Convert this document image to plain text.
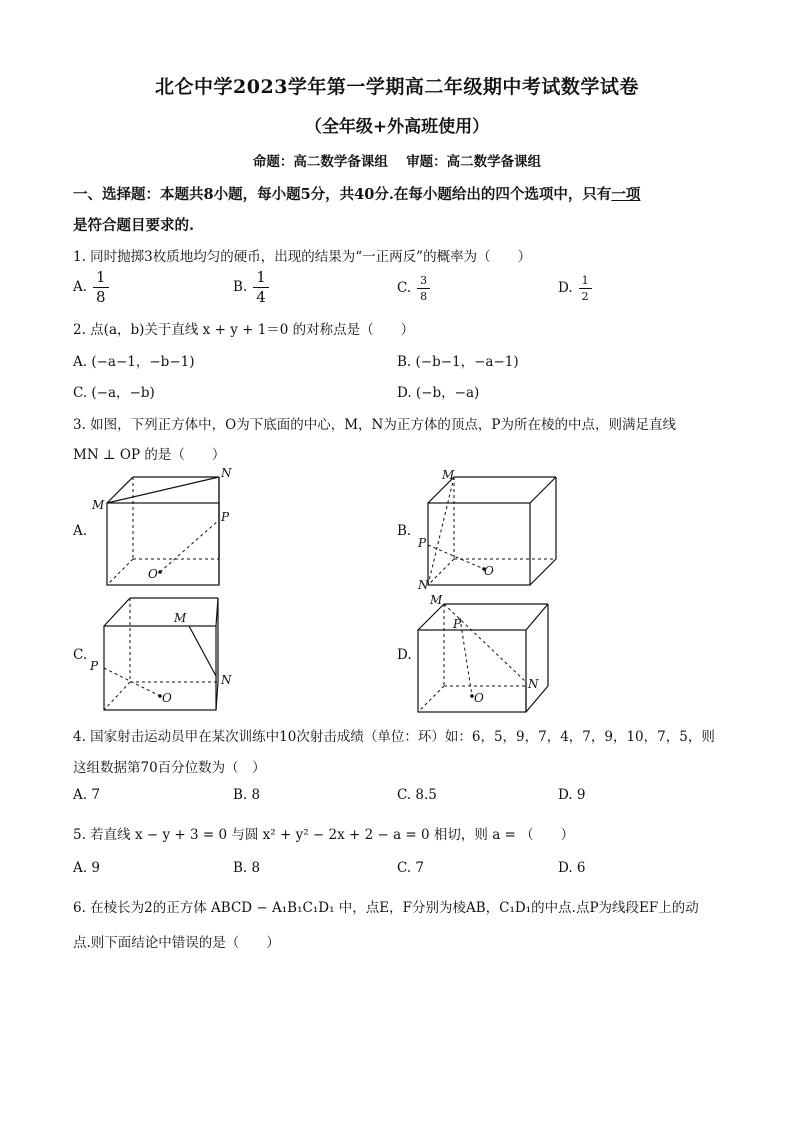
北仑中学2023学年第一学期高二年级期中考试数学试卷
（全年级+外高班使用）
命题：高二数学备课组　 审题：高二数学备课组
一、选择题：本题共8小题，每小题5分，共40分.在每小题给出的四个选项中，只有一项
是符合题目要求的.
1. 同时抛掷3枚质地均匀的硬币，出现的结果为“一正两反”的概率为（　　）
A. $\frac{1}{8}$	B. $\frac{1}{4}$	C. $\frac{3}{8}$	D. $\frac{1}{2}$
2. 点(a，b)关于直线 x + y + 1＝0 的对称点是（　　）
A. (−a−1，−b−1)	B. (−b−1，−a−1)
C. (−a，−b)	D. (−b，−a)
3. 如图，下列正方体中，O为下底面的中心，M，N为正方体的顶点，P为所在棱的中点，则满足直线
MN ⊥ OP 的是（　　）
A.	B.
C.	D.
M
N
P
O
M
N
P
O
M
N
P
O
M
N
P
O
4. 国家射击运动员甲在某次训练中10次射击成绩（单位：环）如：6，5，9，7，4，7，9，10，7，5，则
这组数据第70百分位数为（　）
A. 7	B. 8	C. 8.5	D. 9
5. 若直线 x − y + 3 = 0 与圆 x² + y² − 2x + 2 − a = 0 相切，则 a = （　　）
A. 9	B. 8	C. 7	D. 6
6. 在棱长为2的正方体 ABCD − A₁B₁C₁D₁ 中，点E，F分别为棱AB，C₁D₁的中点.点P为线段EF上的动
点.则下面结论中错误的是（　　）
